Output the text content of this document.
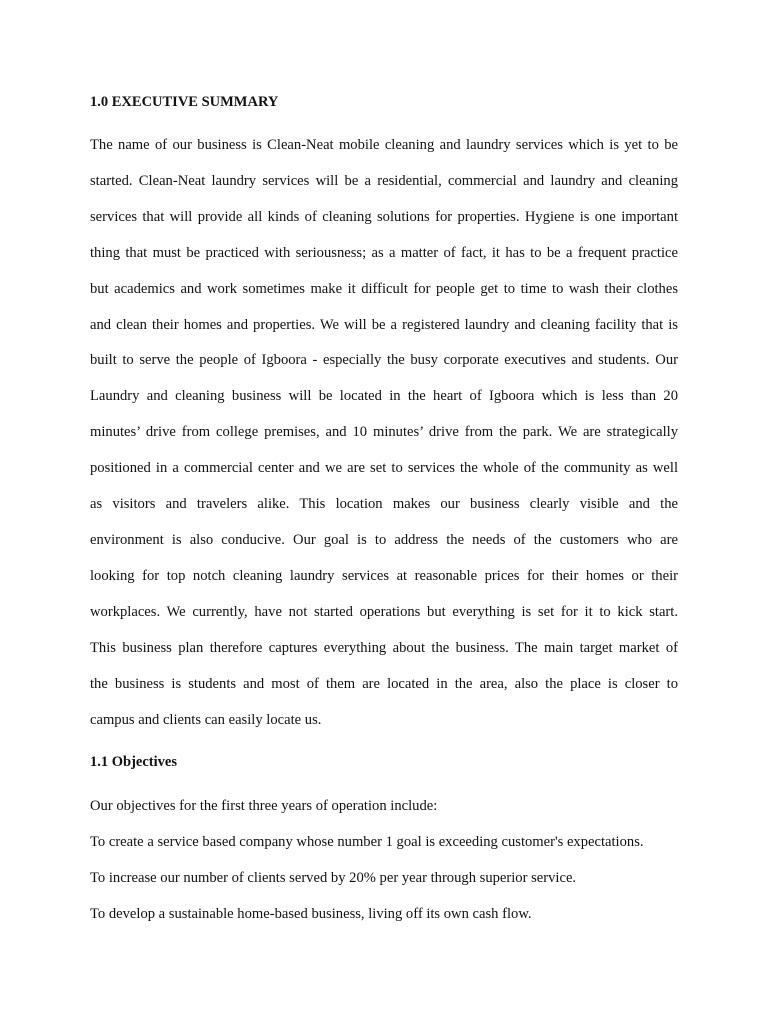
1.0 EXECUTIVE SUMMARY

The name of our business is Clean-Neat mobile cleaning and laundry services which is yet to be
started. Clean-Neat laundry services will be a residential, commercial and laundry and cleaning
services that will provide all kinds of cleaning solutions for properties. Hygiene is one important
thing that must be practiced with seriousness; as a matter of fact, it has to be a frequent practice
but academics and work sometimes make it difficult for people get to time to wash their clothes
and clean their homes and properties. We will be a registered laundry and cleaning facility that is
built to serve the people of Igboora - especially the busy corporate executives and students. Our
Laundry and cleaning business will be located in the heart of Igboora which is less than 20
minutes’ drive from college premises, and 10 minutes’ drive from the park. We are strategically
positioned in a commercial center and we are set to services the whole of the community as well
as visitors and travelers alike. This location makes our business clearly visible and the
environment is also conducive. Our goal is to address the needs of the customers who are
looking for top notch cleaning laundry services at reasonable prices for their homes or their
workplaces. We currently, have not started operations but everything is set for it to kick start.
This business plan therefore captures everything about the business. The main target market of
the business is students and most of them are located in the area, also the place is closer to
campus and clients can easily locate us.

1.1 Objectives

Our objectives for the first three years of operation include:

To create a service based company whose number 1 goal is exceeding customer's expectations.

To increase our number of clients served by 20% per year through superior service.

To develop a sustainable home-based business, living off its own cash flow.
